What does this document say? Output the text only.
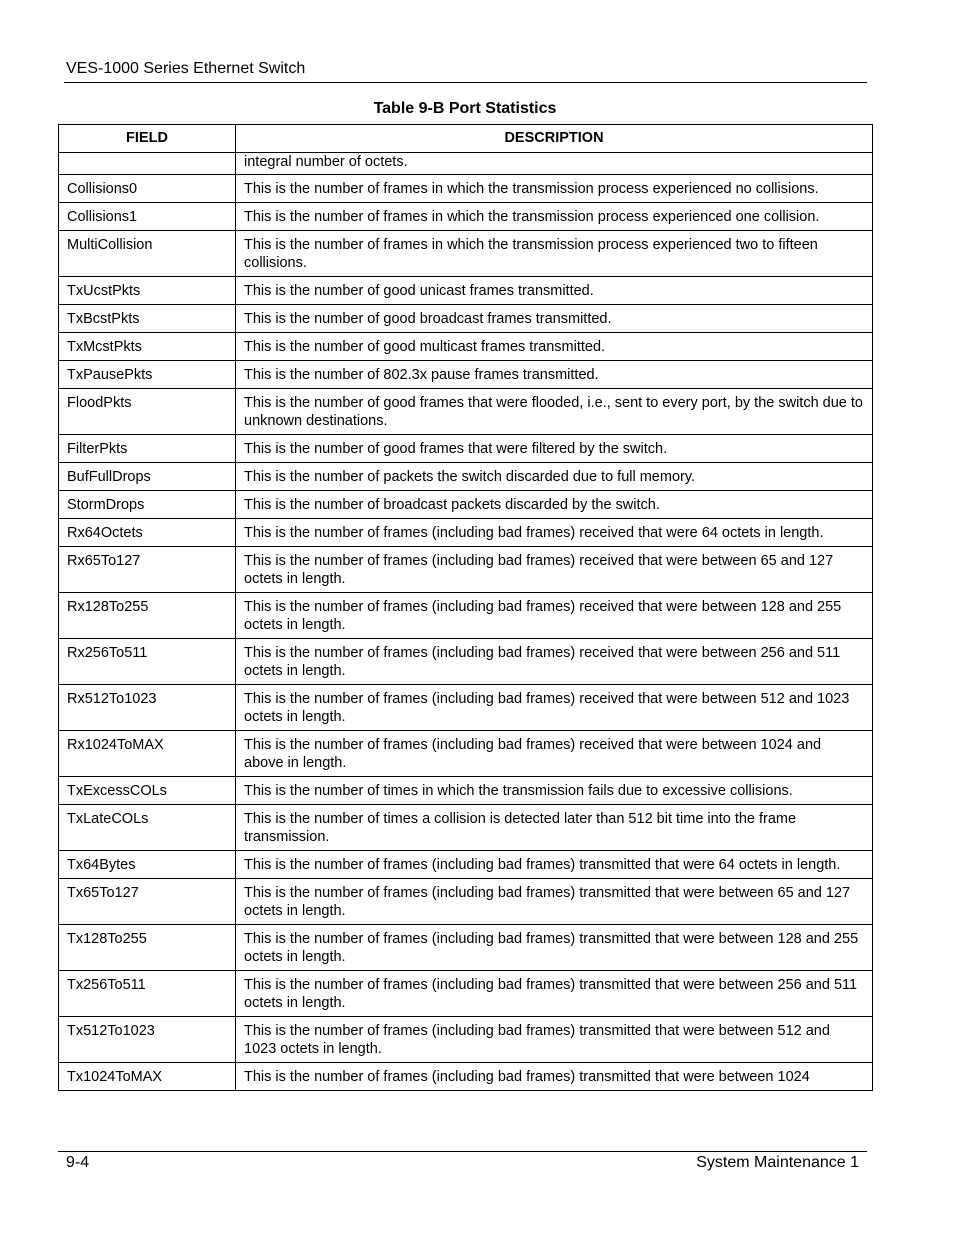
VES-1000 Series Ethernet Switch
Table 9-B Port Statistics
FIELD	DESCRIPTION
	integral number of octets.
Collisions0	This is the number of frames in which the transmission process experienced no collisions.
Collisions1	This is the number of frames in which the transmission process experienced one collision.
MultiCollision	This is the number of frames in which the transmission process experienced two to fifteen collisions.
TxUcstPkts	This is the number of good unicast frames transmitted.
TxBcstPkts	This is the number of good broadcast frames transmitted.
TxMcstPkts	This is the number of good multicast frames transmitted.
TxPausePkts	This is the number of 802.3x pause frames transmitted.
FloodPkts	This is the number of good frames that were flooded, i.e., sent to every port, by the switch due to unknown destinations.
FilterPkts	This is the number of good frames that were filtered by the switch.
BufFullDrops	This is the number of packets the switch discarded due to full memory.
StormDrops	This is the number of broadcast packets discarded by the switch.
Rx64Octets	This is the number of frames (including bad frames) received that were 64 octets in length.
Rx65To127	This is the number of frames (including bad frames) received that were between 65 and 127 octets in length.
Rx128To255	This is the number of frames (including bad frames) received that were between 128 and 255 octets in length.
Rx256To511	This is the number of frames (including bad frames) received that were between 256 and 511 octets in length.
Rx512To1023	This is the number of frames (including bad frames) received that were between 512 and 1023 octets in length.
Rx1024ToMAX	This is the number of frames (including bad frames) received that were between 1024 and above in length.
TxExcessCOLs	This is the number of times in which the transmission fails due to excessive collisions.
TxLateCOLs	This is the number of times a collision is detected later than 512 bit time into the frame transmission.
Tx64Bytes	This is the number of frames (including bad frames) transmitted that were 64 octets in length.
Tx65To127	This is the number of frames (including bad frames) transmitted that were between 65 and 127 octets in length.
Tx128To255	This is the number of frames (including bad frames) transmitted that were between 128 and 255 octets in length.
Tx256To511	This is the number of frames (including bad frames) transmitted that were between 256 and 511 octets in length.
Tx512To1023	This is the number of frames (including bad frames) transmitted that were between 512 and 1023 octets in length.
Tx1024ToMAX	This is the number of frames (including bad frames) transmitted that were between 1024
9-4	System Maintenance 1
